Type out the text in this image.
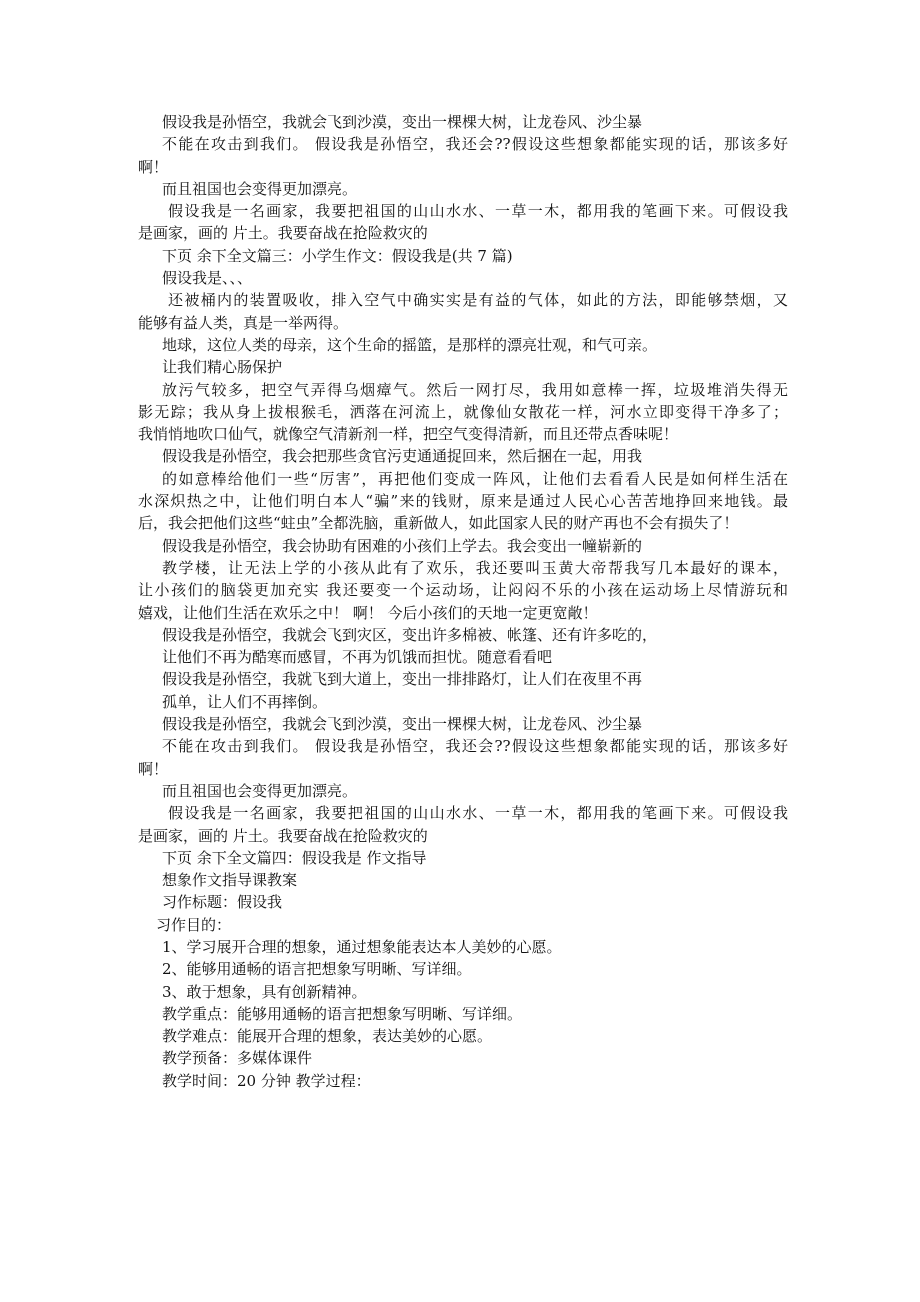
假设我是孙悟空，我就会飞到沙漠，变出一棵棵大树，让龙卷风、沙尘暴
不能在攻击到我们。 假设我是孙悟空，我还会??假设这些想象都能实现的话，那该多好
啊！
而且祖国也会变得更加漂亮。
假设我是一名画家，我要把祖国的山山水水、一草一木，都用我的笔画下来。可假设我
是画家，画的 片土。我要奋战在抢险救灾的
下页 余下全文篇三：小学生作文：假设我是(共 7 篇)
假设我是、、、
还被桶内的装置吸收，排入空气中确实实是有益的气体，如此的方法，即能够禁烟，又
能够有益人类，真是一举两得。
地球，这位人类的母亲，这个生命的摇篮，是那样的漂亮壮观，和气可亲。
让我们精心肠保护
放污气较多，把空气弄得乌烟瘴气。然后一网打尽，我用如意棒一挥，垃圾堆消失得无
影无踪；我从身上拔根猴毛，洒落在河流上，就像仙女散花一样，河水立即变得干净多了；
我悄悄地吹口仙气，就像空气清新剂一样，把空气变得清新，而且还带点香味呢！
假设我是孙悟空，我会把那些贪官污吏通通捉回来，然后捆在一起，用我
的如意棒给他们一些“厉害”，再把他们变成一阵风，让他们去看看人民是如何样生活在
水深炽热之中，让他们明白本人“骗”来的钱财，原来是通过人民心心苦苦地挣回来地钱。最
后，我会把他们这些“蛀虫”全都洗脑，重新做人，如此国家人民的财产再也不会有损失了！
假设我是孙悟空，我会协助有困难的小孩们上学去。我会变出一幢崭新的
教学楼，让无法上学的小孩从此有了欢乐，我还要叫玉黄大帝帮我写几本最好的课本，
让小孩们的脑袋更加充实 我还要变一个运动场，让闷闷不乐的小孩在运动场上尽情游玩和
嬉戏，让他们生活在欢乐之中！ 啊！ 今后小孩们的天地一定更宽敞！
假设我是孙悟空，我就会飞到灾区，变出许多棉被、帐篷、还有许多吃的，
让他们不再为酷寒而感冒，不再为饥饿而担忧。随意看看吧
假设我是孙悟空，我就飞到大道上，变出一排排路灯，让人们在夜里不再
孤单，让人们不再摔倒。
假设我是孙悟空，我就会飞到沙漠，变出一棵棵大树，让龙卷风、沙尘暴
不能在攻击到我们。 假设我是孙悟空，我还会??假设这些想象都能实现的话，那该多好
啊！
而且祖国也会变得更加漂亮。
假设我是一名画家，我要把祖国的山山水水、一草一木，都用我的笔画下来。可假设我
是画家，画的 片土。我要奋战在抢险救灾的
下页 余下全文篇四：假设我是 作文指导
想象作文指导课教案
习作标题：假设我
习作目的：
1、学习展开合理的想象，通过想象能表达本人美妙的心愿。
2、能够用通畅的语言把想象写明晰、写详细。
3、敢于想象，具有创新精神。
教学重点：能够用通畅的语言把想象写明晰、写详细。
教学难点：能展开合理的想象，表达美妙的心愿。
教学预备：多媒体课件
教学时间：20 分钟 教学过程：
